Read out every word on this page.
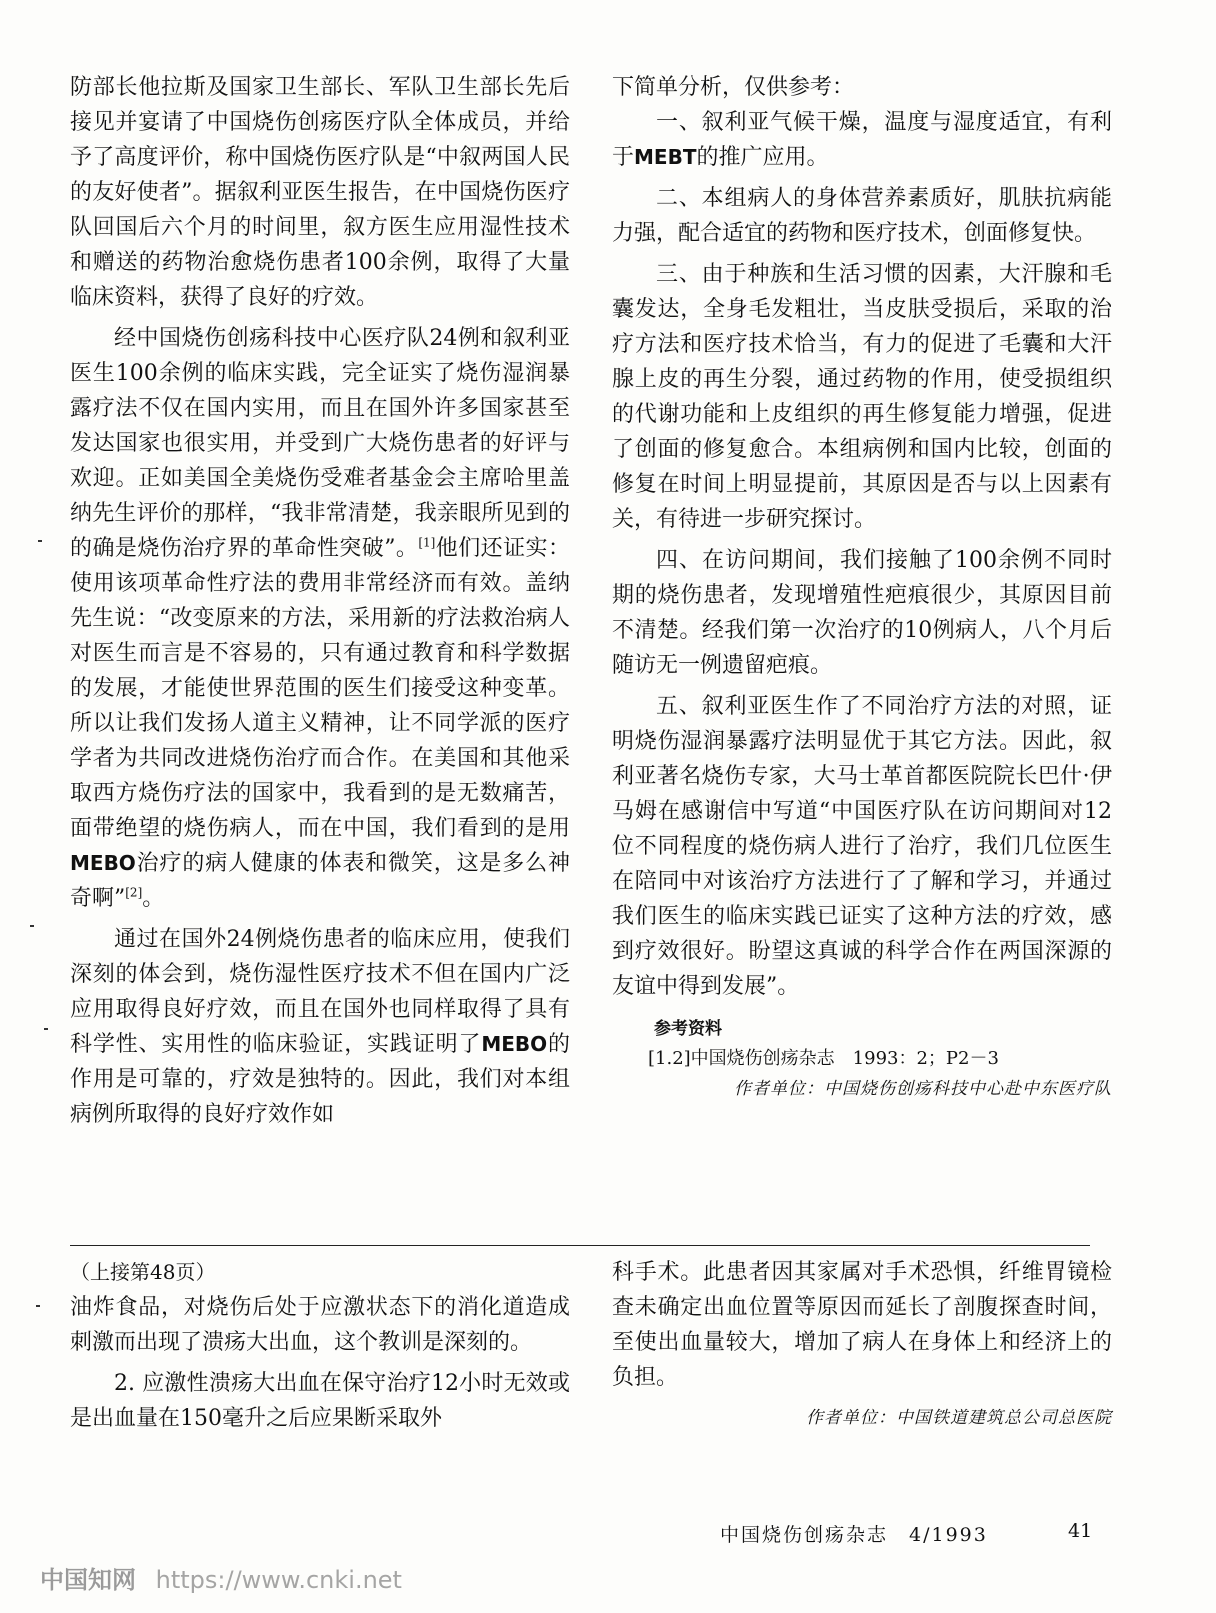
防部长他拉斯及国家卫生部长、军队卫生部长先后接见并宴请了中国烧伤创疡医疗队全体成员，并给予了高度评价，称中国烧伤医疗队是“中叙两国人民的友好使者”。据叙利亚医生报告，在中国烧伤医疗队回国后六个月的时间里，叙方医生应用湿性技术和赠送的药物治愈烧伤患者100余例，取得了大量临床资料，获得了良好的疗效。

经中国烧伤创疡科技中心医疗队24例和叙利亚医生100余例的临床实践，完全证实了烧伤湿润暴露疗法不仅在国内实用，而且在国外许多国家甚至发达国家也很实用，并受到广大烧伤患者的好评与欢迎。正如美国全美烧伤受难者基金会主席哈里盖纳先生评价的那样，“我非常清楚，我亲眼所见到的的确是烧伤治疗界的革命性突破”。[1]他们还证实：使用该项革命性疗法的费用非常经济而有效。盖纳先生说：“改变原来的方法，采用新的疗法救治病人对医生而言是不容易的，只有通过教育和科学数据的发展，才能使世界范围的医生们接受这种变革。所以让我们发扬人道主义精神，让不同学派的医疗学者为共同改进烧伤治疗而合作。在美国和其他采取西方烧伤疗法的国家中，我看到的是无数痛苦，面带绝望的烧伤病人，而在中国，我们看到的是用MEBO治疗的病人健康的体表和微笑，这是多么神奇啊”[2]。

通过在国外24例烧伤患者的临床应用，使我们深刻的体会到，烧伤湿性医疗技术不但在国内广泛应用取得良好疗效，而且在国外也同样取得了具有科学性、实用性的临床验证，实践证明了MEBO的作用是可靠的，疗效是独特的。因此，我们对本组病例所取得的良好疗效作如

下简单分析，仅供参考：

一、叙利亚气候干燥，温度与湿度适宜，有利于MEBT的推广应用。

二、本组病人的身体营养素质好，肌肤抗病能力强，配合适宜的药物和医疗技术，创面修复快。

三、由于种族和生活习惯的因素，大汗腺和毛囊发达，全身毛发粗壮，当皮肤受损后，采取的治疗方法和医疗技术恰当，有力的促进了毛囊和大汗腺上皮的再生分裂，通过药物的作用，使受损组织的代谢功能和上皮组织的再生修复能力增强，促进了创面的修复愈合。本组病例和国内比较，创面的修复在时间上明显提前，其原因是否与以上因素有关，有待进一步研究探讨。

四、在访问期间，我们接触了100余例不同时期的烧伤患者，发现增殖性疤痕很少，其原因目前不清楚。经我们第一次治疗的10例病人，八个月后随访无一例遗留疤痕。

五、叙利亚医生作了不同治疗方法的对照，证明烧伤湿润暴露疗法明显优于其它方法。因此，叙利亚著名烧伤专家，大马士革首都医院院长巴什·伊马姆在感谢信中写道“中国医疗队在访问期间对12位不同程度的烧伤病人进行了治疗，我们几位医生在陪同中对该治疗方法进行了了解和学习，并通过我们医生的临床实践已证实了这种方法的疗效，感到疗效很好。盼望这真诚的科学合作在两国深源的友谊中得到发展”。

参考资料

[1.2]中国烧伤创疡杂志　1993：2；P2－3

作者单位：中国烧伤创疡科技中心赴中东医疗队

（上接第48页）

油炸食品，对烧伤后处于应激状态下的消化道造成刺激而出现了溃疡大出血，这个教训是深刻的。

2. 应激性溃疡大出血在保守治疗12小时无效或是出血量在150毫升之后应果断采取外

科手术。此患者因其家属对手术恐惧，纤维胃镜检查未确定出血位置等原因而延长了剖腹探查时间，至使出血量较大，增加了病人在身体上和经济上的负担。

作者单位：中国铁道建筑总公司总医院

中国烧伤创疡杂志　4/1993	41
中国知网 https://www.cnki.net
